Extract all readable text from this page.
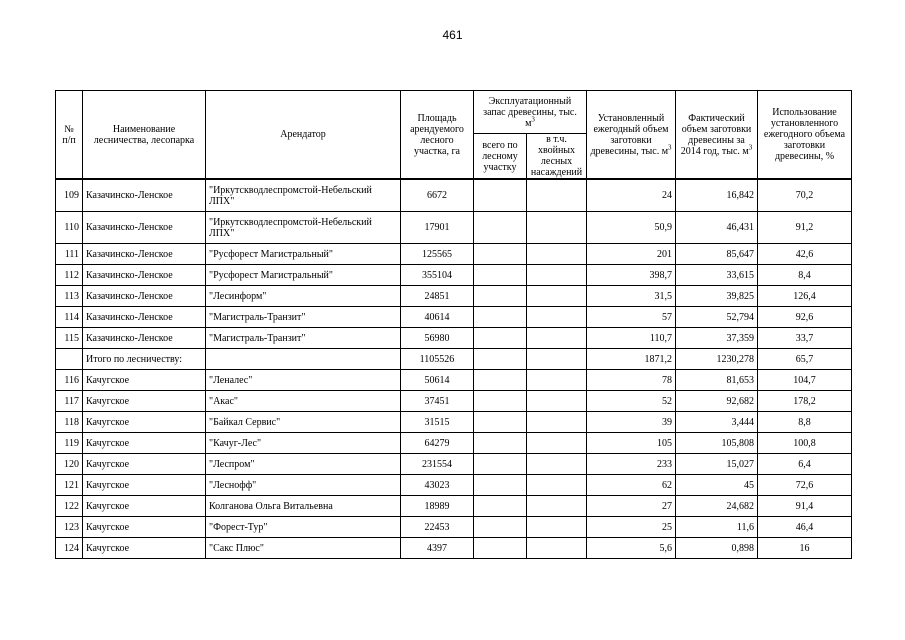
461
№ п/п	Наименование лесничества, лесопарка	Арендатор	Площадь арендуемого лесного участка, га	Эксплуатационный запас древесины, тыс. $м^3$		Установленный ежегодный объем заготовки древесины, тыс. $м^3$	Фактический объем заготовки древесины за 2014 год, тыс. $м^3$	Использование установленного ежегодного объема заготовки древесины, %
				всего по лесному участку	в т.ч. хвойных лесных насаждений			
109	Казачинско-Ленское	"Иркутскводлеспромстой-Небельский ЛПХ"	6672			24	16,842	70,2
110	Казачинско-Ленское	"Иркутскводлеспромстой-Небельский ЛПХ"	17901			50,9	46,431	91,2
111	Казачинско-Ленское	"Русфорест Магистральный"	125565			201	85,647	42,6
112	Казачинско-Ленское	"Русфорест Магистральный"	355104			398,7	33,615	8,4
113	Казачинско-Ленское	"Лесинформ"	24851			31,5	39,825	126,4
114	Казачинско-Ленское	"Магистраль-Транзит"	40614			57	52,794	92,6
115	Казачинско-Ленское	"Магистраль-Транзит"	56980			110,7	37,359	33,7
	Итого по лесничеству:		1105526			1871,2	1230,278	65,7
116	Качугское	"Леналес"	50614			78	81,653	104,7
117	Качугское	"Акас"	37451			52	92,682	178,2
118	Качугское	"Байкал Сервис"	31515			39	3,444	8,8
119	Качугское	"Качуг-Лес"	64279			105	105,808	100,8
120	Качугское	"Леспром"	231554			233	15,027	6,4
121	Качугское	"Леснофф"	43023			62	45	72,6
122	Качугское	Колганова Ольга Витальевна	18989			27	24,682	91,4
123	Качугское	"Форест-Тур"	22453			25	11,6	46,4
124	Качугское	"Сакс Плюс"	4397			5,6	0,898	16
